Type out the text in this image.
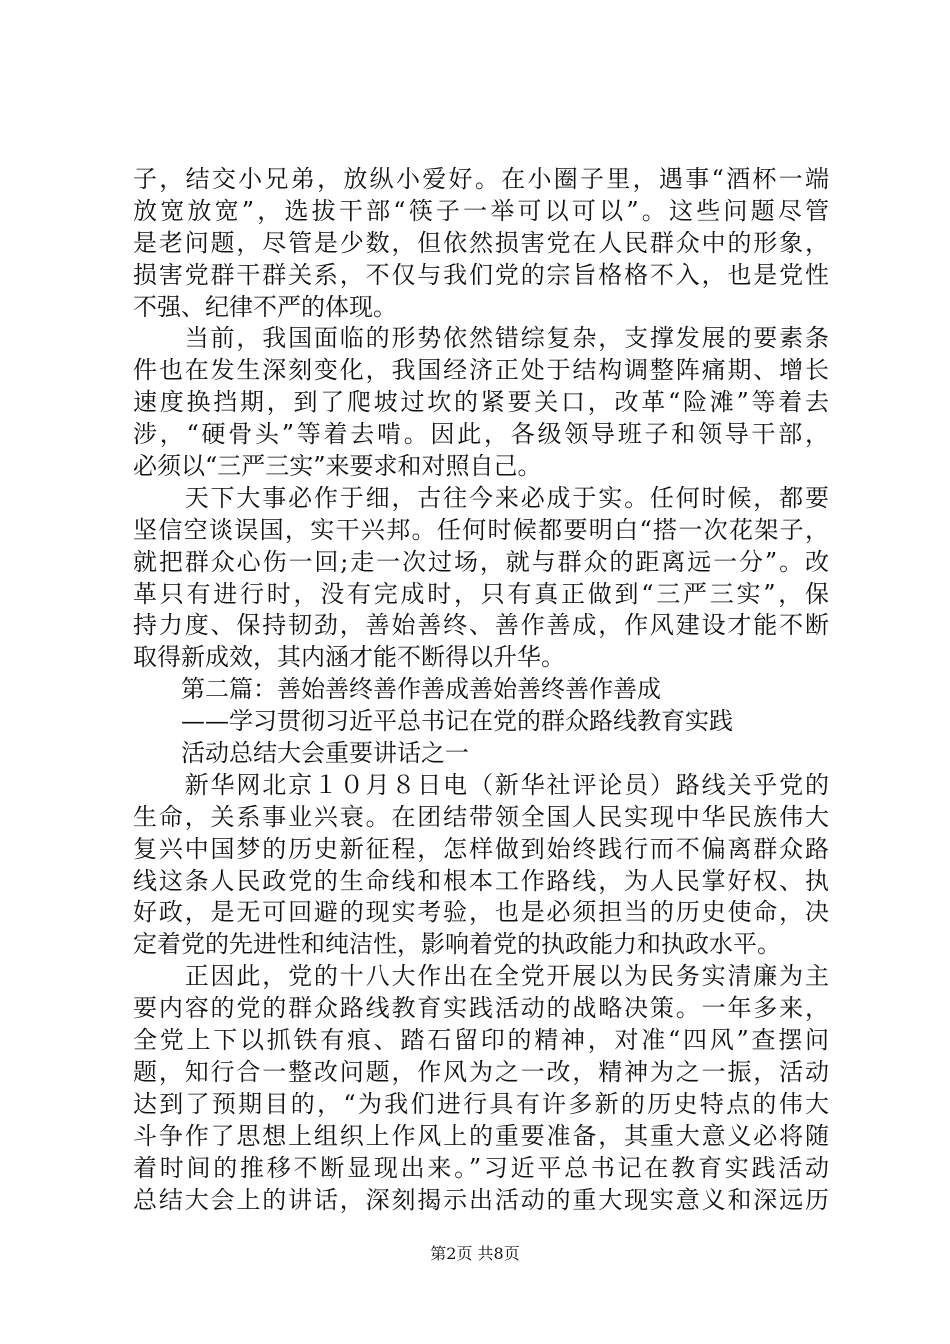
子，结交小兄弟，放纵小爱好。在小圈子里，遇事“酒杯一端
放宽放宽”，选拔干部“筷子一举可以可以”。这些问题尽管
是老问题，尽管是少数，但依然损害党在人民群众中的形象，
损害党群干群关系，不仅与我们党的宗旨格格不入，也是党性
不强、纪律不严的体现。
　　当前，我国面临的形势依然错综复杂，支撑发展的要素条
件也在发生深刻变化，我国经济正处于结构调整阵痛期、增长
速度换挡期，到了爬坡过坎的紧要关口，改革“险滩”等着去
涉，“硬骨头”等着去啃。因此，各级领导班子和领导干部，
必须以“三严三实”来要求和对照自己。
　　天下大事必作于细，古往今来必成于实。任何时候，都要
坚信空谈误国，实干兴邦。任何时候都要明白“搭一次花架子，
就把群众心伤一回;走一次过场，就与群众的距离远一分”。改
革只有进行时，没有完成时，只有真正做到“三严三实”，保
持力度、保持韧劲，善始善终、善作善成，作风建设才能不断
取得新成效，其内涵才能不断得以升华。
　　第二篇：善始善终善作善成善始善终善作善成
　　——学习贯彻习近平总书记在党的群众路线教育实践
　　活动总结大会重要讲话之一
　　新华网北京１０月８日电（新华社评论员）路线关乎党的
生命，关系事业兴衰。在团结带领全国人民实现中华民族伟大
复兴中国梦的历史新征程，怎样做到始终践行而不偏离群众路
线这条人民政党的生命线和根本工作路线，为人民掌好权、执
好政，是无可回避的现实考验，也是必须担当的历史使命，决
定着党的先进性和纯洁性，影响着党的执政能力和执政水平。
　　正因此，党的十八大作出在全党开展以为民务实清廉为主
要内容的党的群众路线教育实践活动的战略决策。一年多来，
全党上下以抓铁有痕、踏石留印的精神，对准“四风”查摆问
题，知行合一整改问题，作风为之一改，精神为之一振，活动
达到了预期目的，“为我们进行具有许多新的历史特点的伟大
斗争作了思想上组织上作风上的重要准备，其重大意义必将随
着时间的推移不断显现出来。”习近平总书记在教育实践活动
总结大会上的讲话，深刻揭示出活动的重大现实意义和深远历
第2页 共8页
